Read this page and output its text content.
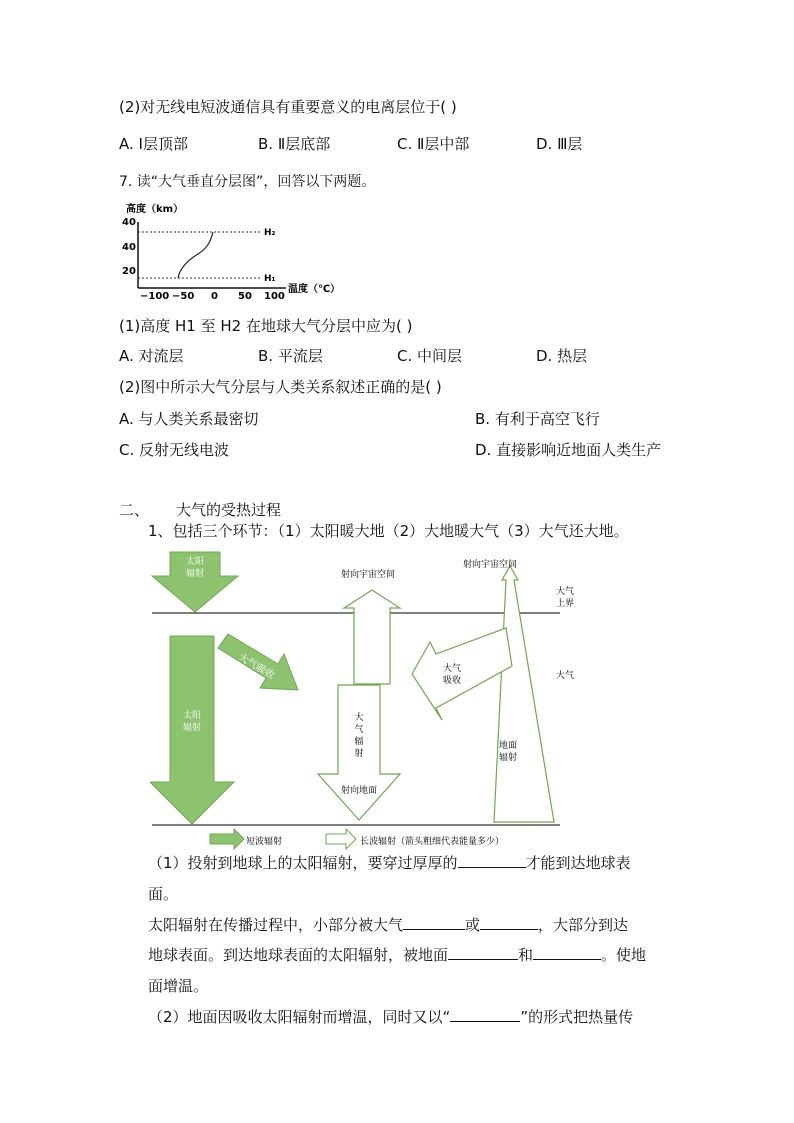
(2)对无线电短波通信具有重要意义的电离层位于( )
A. Ⅰ层顶部	B. Ⅱ层底部	C. Ⅱ层中部	D. Ⅲ层
7. 读“大气垂直分层图”，回答以下两题。
高度（km）
40
40
20
H₂
H₁
−100 −50 0 50 100
温度（℃）
(1)高度 H1 至 H2 在地球大气分层中应为( )
A. 对流层	B. 平流层	C. 中间层	D. 热层
(2)图中所示大气分层与人类关系叙述正确的是( )
A. 与人类关系最密切	B. 有利于高空飞行
C. 反射无线电波	D. 直接影响近地面人类生产
二、 大气的受热过程
1、包括三个环节：（1）太阳暖大地（2）大地暖大气（3）大气还大地。
太阳
辐射
太阳
辐射
大气吸收
射向宇宙空间
大
气
辐
射
射向地面
射向宇宙空间
地面
辐射
大气
吸收
大气
上界
大气
短波辐射	长波辐射（箭头粗细代表能量多少）
（1）投射到地球上的太阳辐射，要穿过厚厚的	才能到达地球表
面。
太阳辐射在传播过程中，小部分被大气	或	，大部分到达
地球表面。到达地球表面的太阳辐射，被地面	和	。使地
面增温。
（2）地面因吸收太阳辐射而增温，同时又以“	”的形式把热量传
